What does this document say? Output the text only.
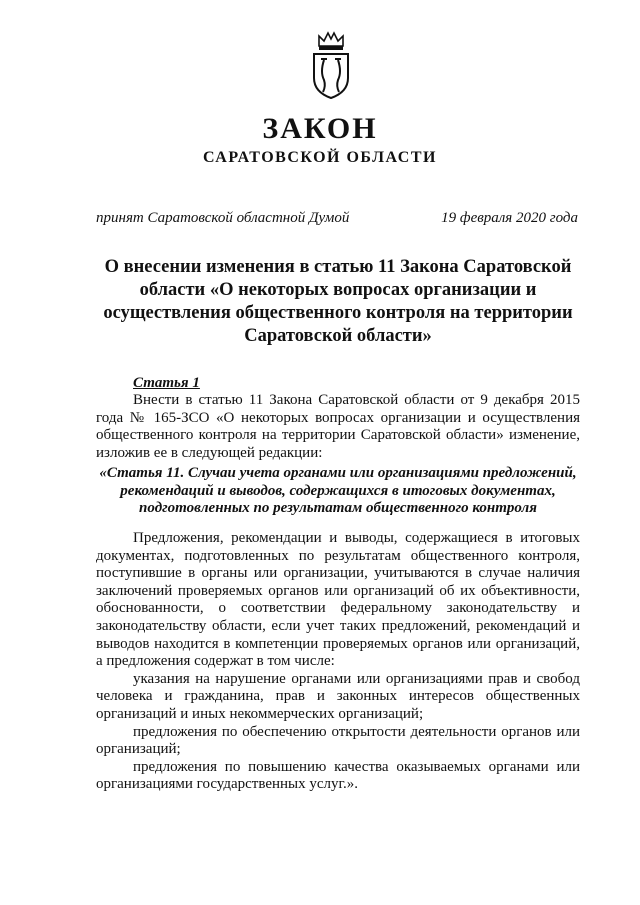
ЗАКОН
САРАТОВСКОЙ ОБЛАСТИ
принят Саратовской областной Думой	19 февраля 2020 года
О внесении изменения в статью 11 Закона Саратовской области «О некоторых вопросах организации и осуществления общественного контроля на территории Саратовской области»
Статья 1

Внести в статью 11 Закона Саратовской области от 9 декабря 2015 года № 165-ЗСО «О некоторых вопросах организации и осуществления общественного контроля на территории Саратовской области» изменение, изложив ее в следующей редакции:

«Статья 11. Случаи учета органами или организациями предложений, рекомендаций и выводов, содержащихся в итоговых документах, подготовленных по результатам общественного контроля

Предложения, рекомендации и выводы, содержащиеся в итоговых документах, подготовленных по результатам общественного контроля, поступившие в органы или организации, учитываются в случае наличия заключений проверяемых органов или организаций об их объективности, обоснованности, о соответствии федеральному законодательству и законодательству области, если учет таких предложений, рекомендаций и выводов находится в компетенции проверяемых органов или организаций, а предложения содержат в том числе:

указания на нарушение органами или организациями прав и свобод человека и гражданина, прав и законных интересов общественных организаций и иных некоммерческих организаций;

предложения по обеспечению открытости деятельности органов или организаций;

предложения по повышению качества оказываемых органами или организациями государственных услуг.».
